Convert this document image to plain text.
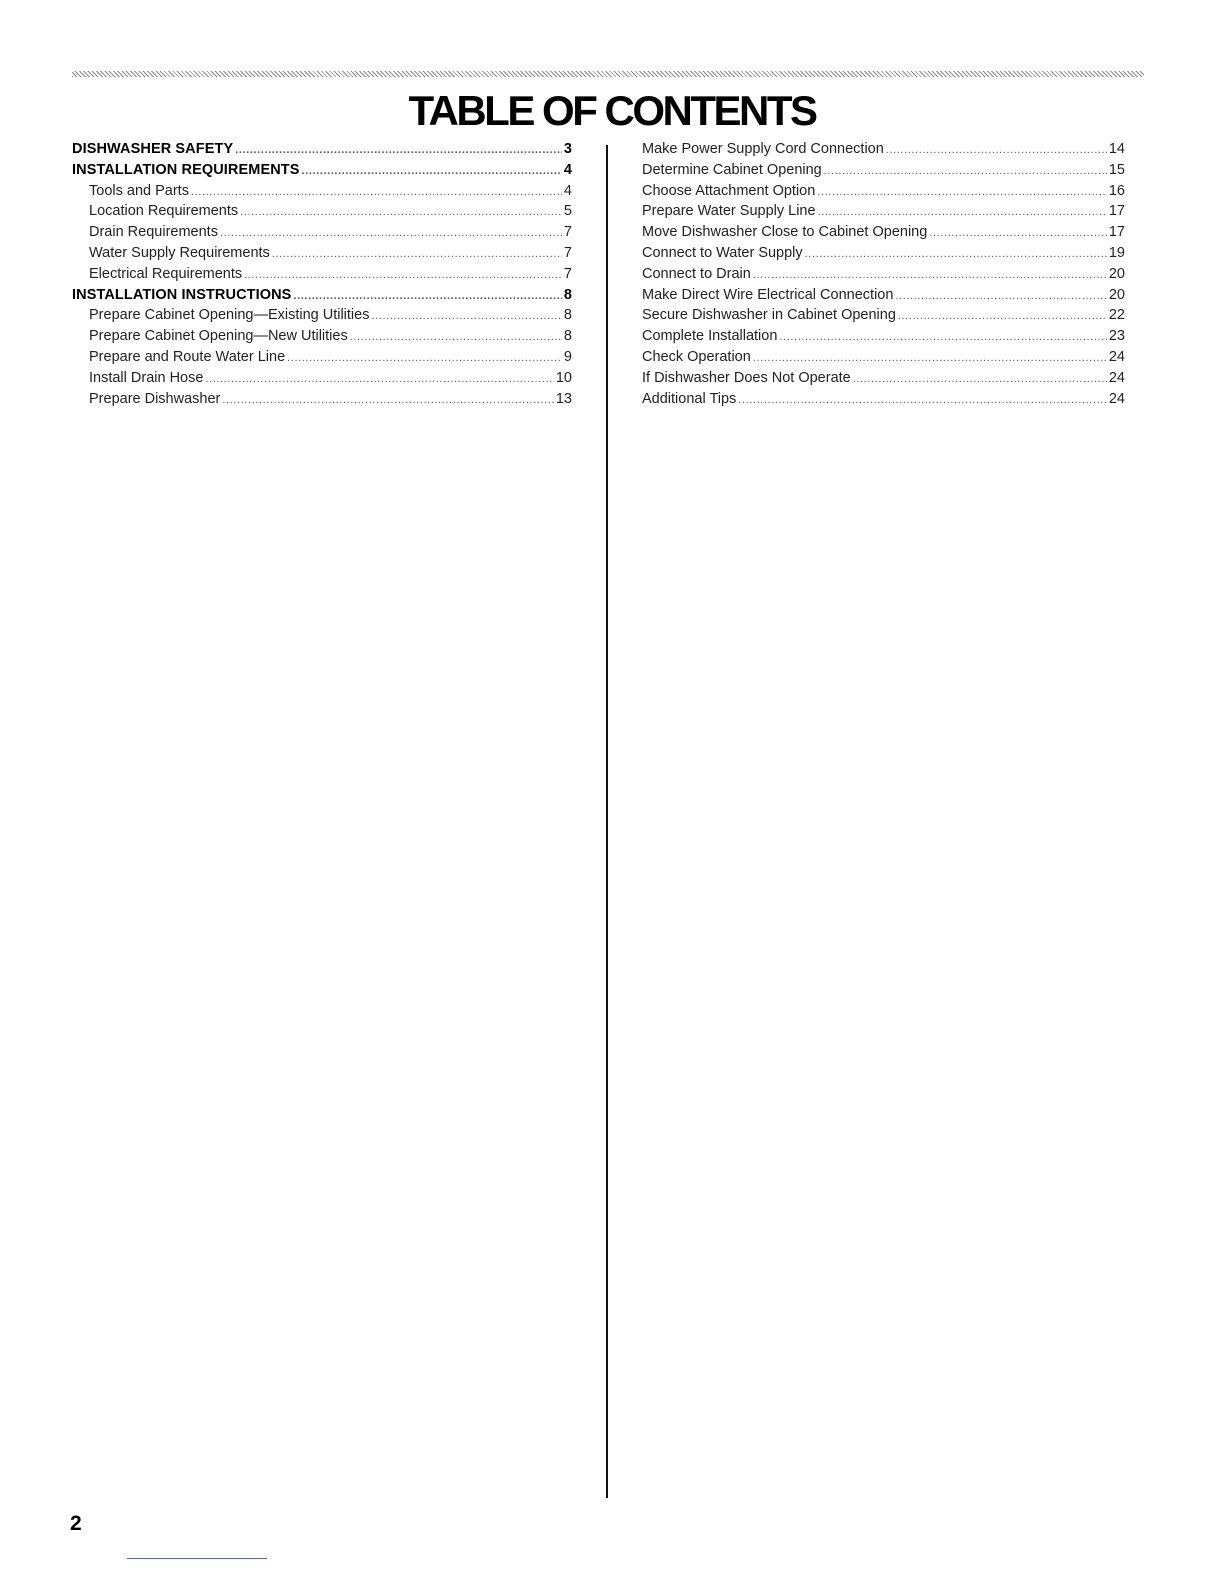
TABLE OF CONTENTS
DISHWASHER SAFETY .....	3
INSTALLATION REQUIREMENTS .....	4
Tools and Parts .....	4
Location Requirements .....	5
Drain Requirements .....	7
Water Supply Requirements .....	7
Electrical Requirements .....	7
INSTALLATION INSTRUCTIONS .....	8
Prepare Cabinet Opening—Existing Utilities .....	8
Prepare Cabinet Opening—New Utilities .....	8
Prepare and Route Water Line .....	9
Install Drain Hose .....	10
Prepare Dishwasher .....	13
Make Power Supply Cord Connection .....	14
Determine Cabinet Opening .....	15
Choose Attachment Option .....	16
Prepare Water Supply Line .....	17
Move Dishwasher Close to Cabinet Opening .....	17
Connect to Water Supply .....	19
Connect to Drain .....	20
Make Direct Wire Electrical Connection .....	20
Secure Dishwasher in Cabinet Opening .....	22
Complete Installation .....	23
Check Operation .....	24
If Dishwasher Does Not Operate .....	24
Additional Tips .....	24
2
